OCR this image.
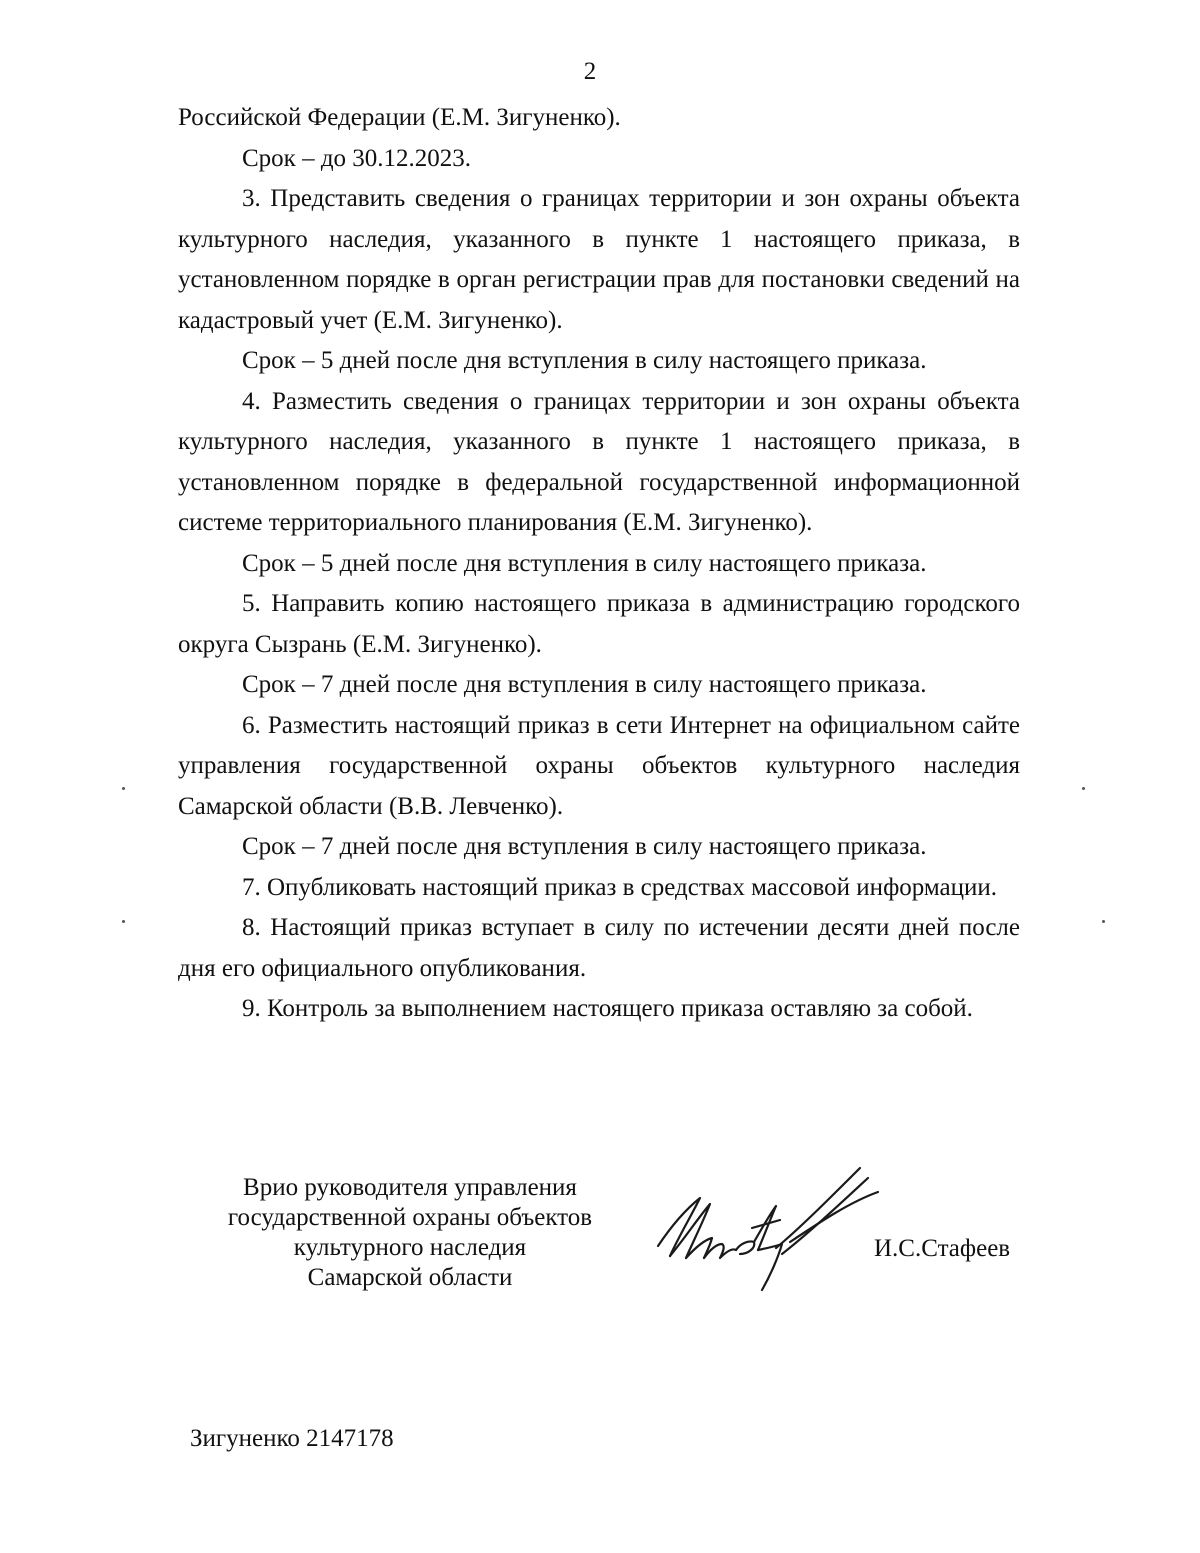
2

Российской Федерации (Е.М. Зигуненко).

Срок – до 30.12.2023.

3. Представить сведения о границах территории и зон охраны объекта культурного наследия, указанного в пункте 1 настоящего приказа, в установленном порядке в орган регистрации прав для постановки сведений на кадастровый учет (Е.М. Зигуненко).

Срок – 5 дней после дня вступления в силу настоящего приказа.

4. Разместить сведения о границах территории и зон охраны объекта культурного наследия, указанного в пункте 1 настоящего приказа, в установленном порядке в федеральной государственной информационной системе территориального планирования (Е.М. Зигуненко).

Срок – 5 дней после дня вступления в силу настоящего приказа.

5. Направить копию настоящего приказа в администрацию городского округа Сызрань (Е.М. Зигуненко).

Срок – 7 дней после дня вступления в силу настоящего приказа.

6. Разместить настоящий приказ в сети Интернет на официальном сайте управления государственной охраны объектов культурного наследия Самарской области (В.В. Левченко).

Срок – 7 дней после дня вступления в силу настоящего приказа.

7. Опубликовать настоящий приказ в средствах массовой информации.

8. Настоящий приказ вступает в силу по истечении десяти дней после дня его официального опубликования.

9. Контроль за выполнением настоящего приказа оставляю за собой.

Врио руководителя управления
государственной охраны объектов
культурного наследия
Самарской области
И.С.Стафеев
Зигуненко 2147178
